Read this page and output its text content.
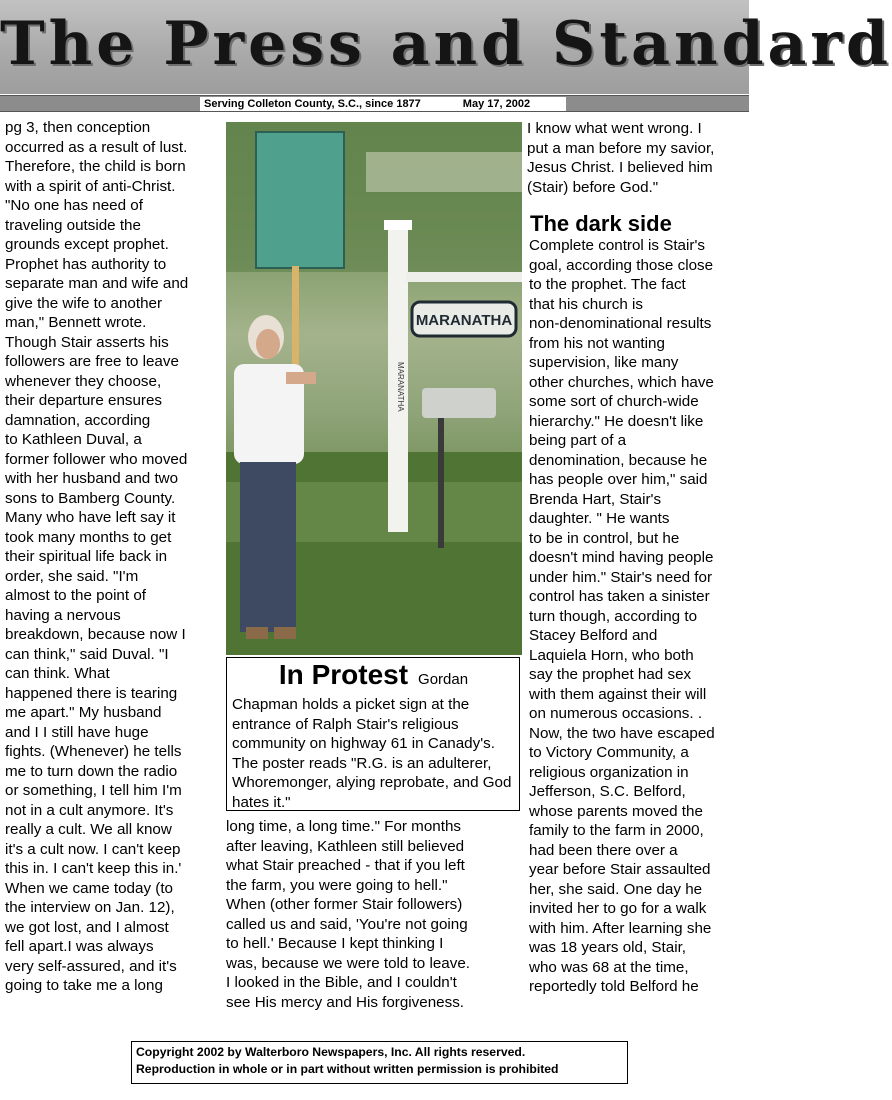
The Press and Standard
Serving Colleton County, S.C., since 1877	May 17, 2002

pg 3, then conception
occurred as a result of lust.
Therefore, the child is born
with a spirit of anti-Christ.
"No one has need of
traveling outside the
grounds except prophet.
Prophet has authority to
separate man and wife and
give the wife to another
man," Bennett wrote.
Though Stair asserts his
followers are free to leave
whenever they choose,
their departure ensures
damnation, according
to Kathleen Duval, a
former follower who moved
with her husband and two
sons to Bamberg County.
Many who have left say it
took many months to get
their spiritual life back in
order, she said. "I'm
almost to the point of
having a nervous
breakdown, because now I
can think," said Duval. "I
can think. What
happened there is tearing
me apart." My husband
and I I still have huge
fights. (Whenever) he tells
me to turn down the radio
or something, I tell him I'm
not in a cult anymore. It's
really a cult. We all know
it's a cult now. I can't keep
this in. I can't keep this in.'
When we came today (to
the interview on Jan. 12),
we got lost, and I almost
fell apart.I was always
very self-assured, and it's
going to take me a long

MARANATHA
MARANATHA
In Protest Gordan

Chapman holds a picket sign at the entrance of Ralph Stair's religious community on highway 61 in Canady's. The poster reads "R.G. is an adulterer, Whoremonger, alying reprobate, and God hates it."

long time, a long time." For months
after leaving, Kathleen still believed
what Stair preached - that if you left
the farm, you were going to hell."
When (other former Stair followers)
called us and said, 'You're not going
to hell.' Because I kept thinking I
was, because we were told to leave.
I looked in the Bible, and I couldn't
see His mercy and His forgiveness.

I know what went wrong. I
put a man before my savior,
Jesus Christ. I believed him
(Stair) before God."

The dark side

Complete control is Stair's
goal, according those close
to the prophet. The fact
that his church is
non-denominational results
from his not wanting
supervision, like many
other churches, which have
some sort of church-wide
hierarchy." He doesn't like
being part of a
denomination, because he
has people over him," said
Brenda Hart, Stair's
daughter. " He wants
to be in control, but he
doesn't mind having people
under him." Stair's need for
control has taken a sinister
turn though, according to
Stacey Belford and
Laquiela Horn, who both
say the prophet had sex
with them against their will
on numerous occasions. .
Now, the two have escaped
to Victory Community, a
religious organization in
Jefferson, S.C. Belford,
whose parents moved the
family to the farm in 2000,
had been there over a
year before Stair assaulted
her, she said. One day he
invited her to go for a walk
with him. After learning she
was 18 years old, Stair,
who was 68 at the time,
reportedly told Belford he

Copyright 2002 by Walterboro Newspapers, Inc. All rights reserved.
Reproduction in whole or in part without written permission is prohibited
